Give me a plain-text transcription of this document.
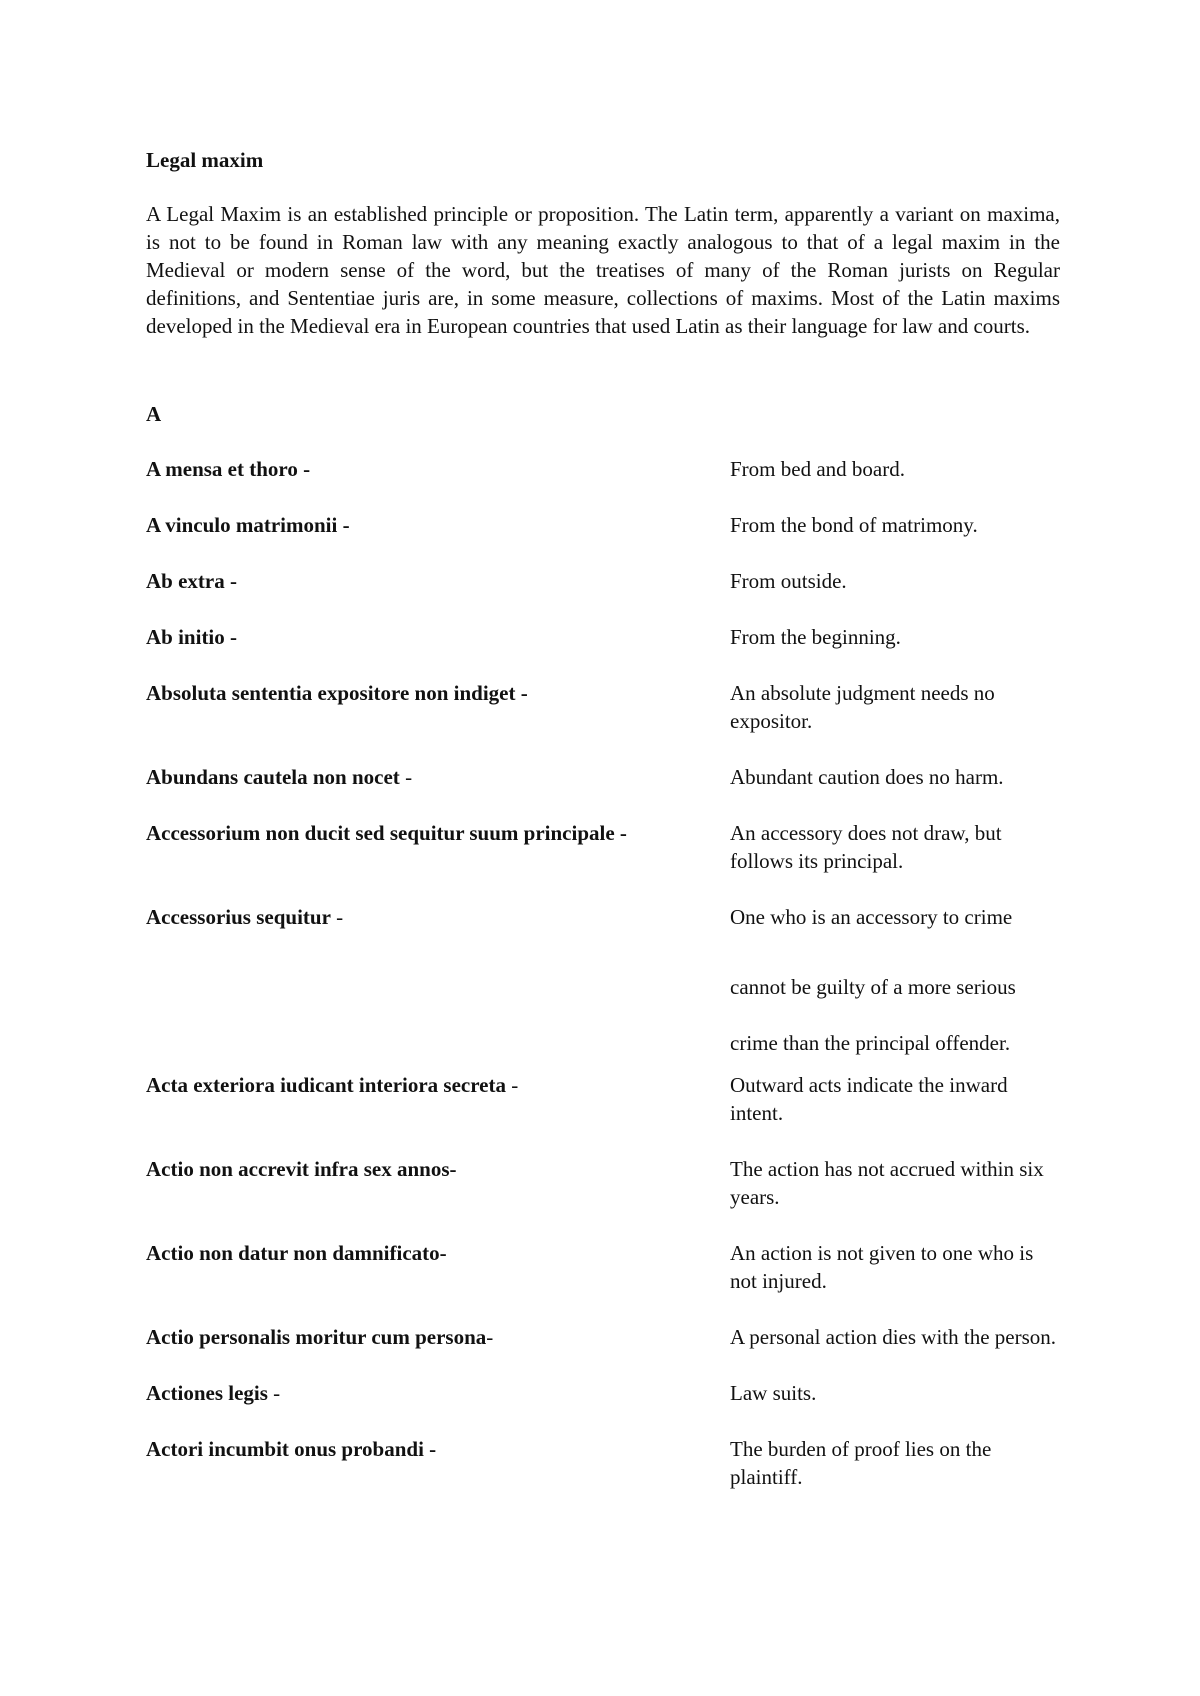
Legal maxim

A Legal Maxim is an established principle or proposition. The Latin term, apparently a variant on maxima, is not to be found in Roman law with any meaning exactly analogous to that of a legal maxim in the Medieval or modern sense of the word, but the treatises of many of the Roman jurists on Regular definitions, and Sententiae juris are, in some measure, collections of maxims. Most of the Latin maxims developed in the Medieval era in European countries that used Latin as their language for law and courts.

A
A mensa et thoro -	From bed and board.
A vinculo matrimonii -	From the bond of matrimony.
Ab extra -	From outside.
Ab initio -	From the beginning.
Absoluta sententia expositore non indiget -	An absolute judgment needs no expositor.
Abundans cautela non nocet -	Abundant caution does no harm.
Accessorium non ducit sed sequitur suum principale -	An accessory does not draw, but follows its principal.
Accessorius sequitur -	One who is an accessory to crime
cannot be guilty of a more serious
crime than the principal offender.
Acta exteriora iudicant interiora secreta -	Outward acts indicate the inward intent.
Actio non accrevit infra sex annos-	The action has not accrued within six years.
Actio non datur non damnificato-	An action is not given to one who is not injured.
Actio personalis moritur cum persona-	A personal action dies with the person.
Actiones legis -	Law suits.
Actori incumbit onus probandi -	The burden of proof lies on the plaintiff.
